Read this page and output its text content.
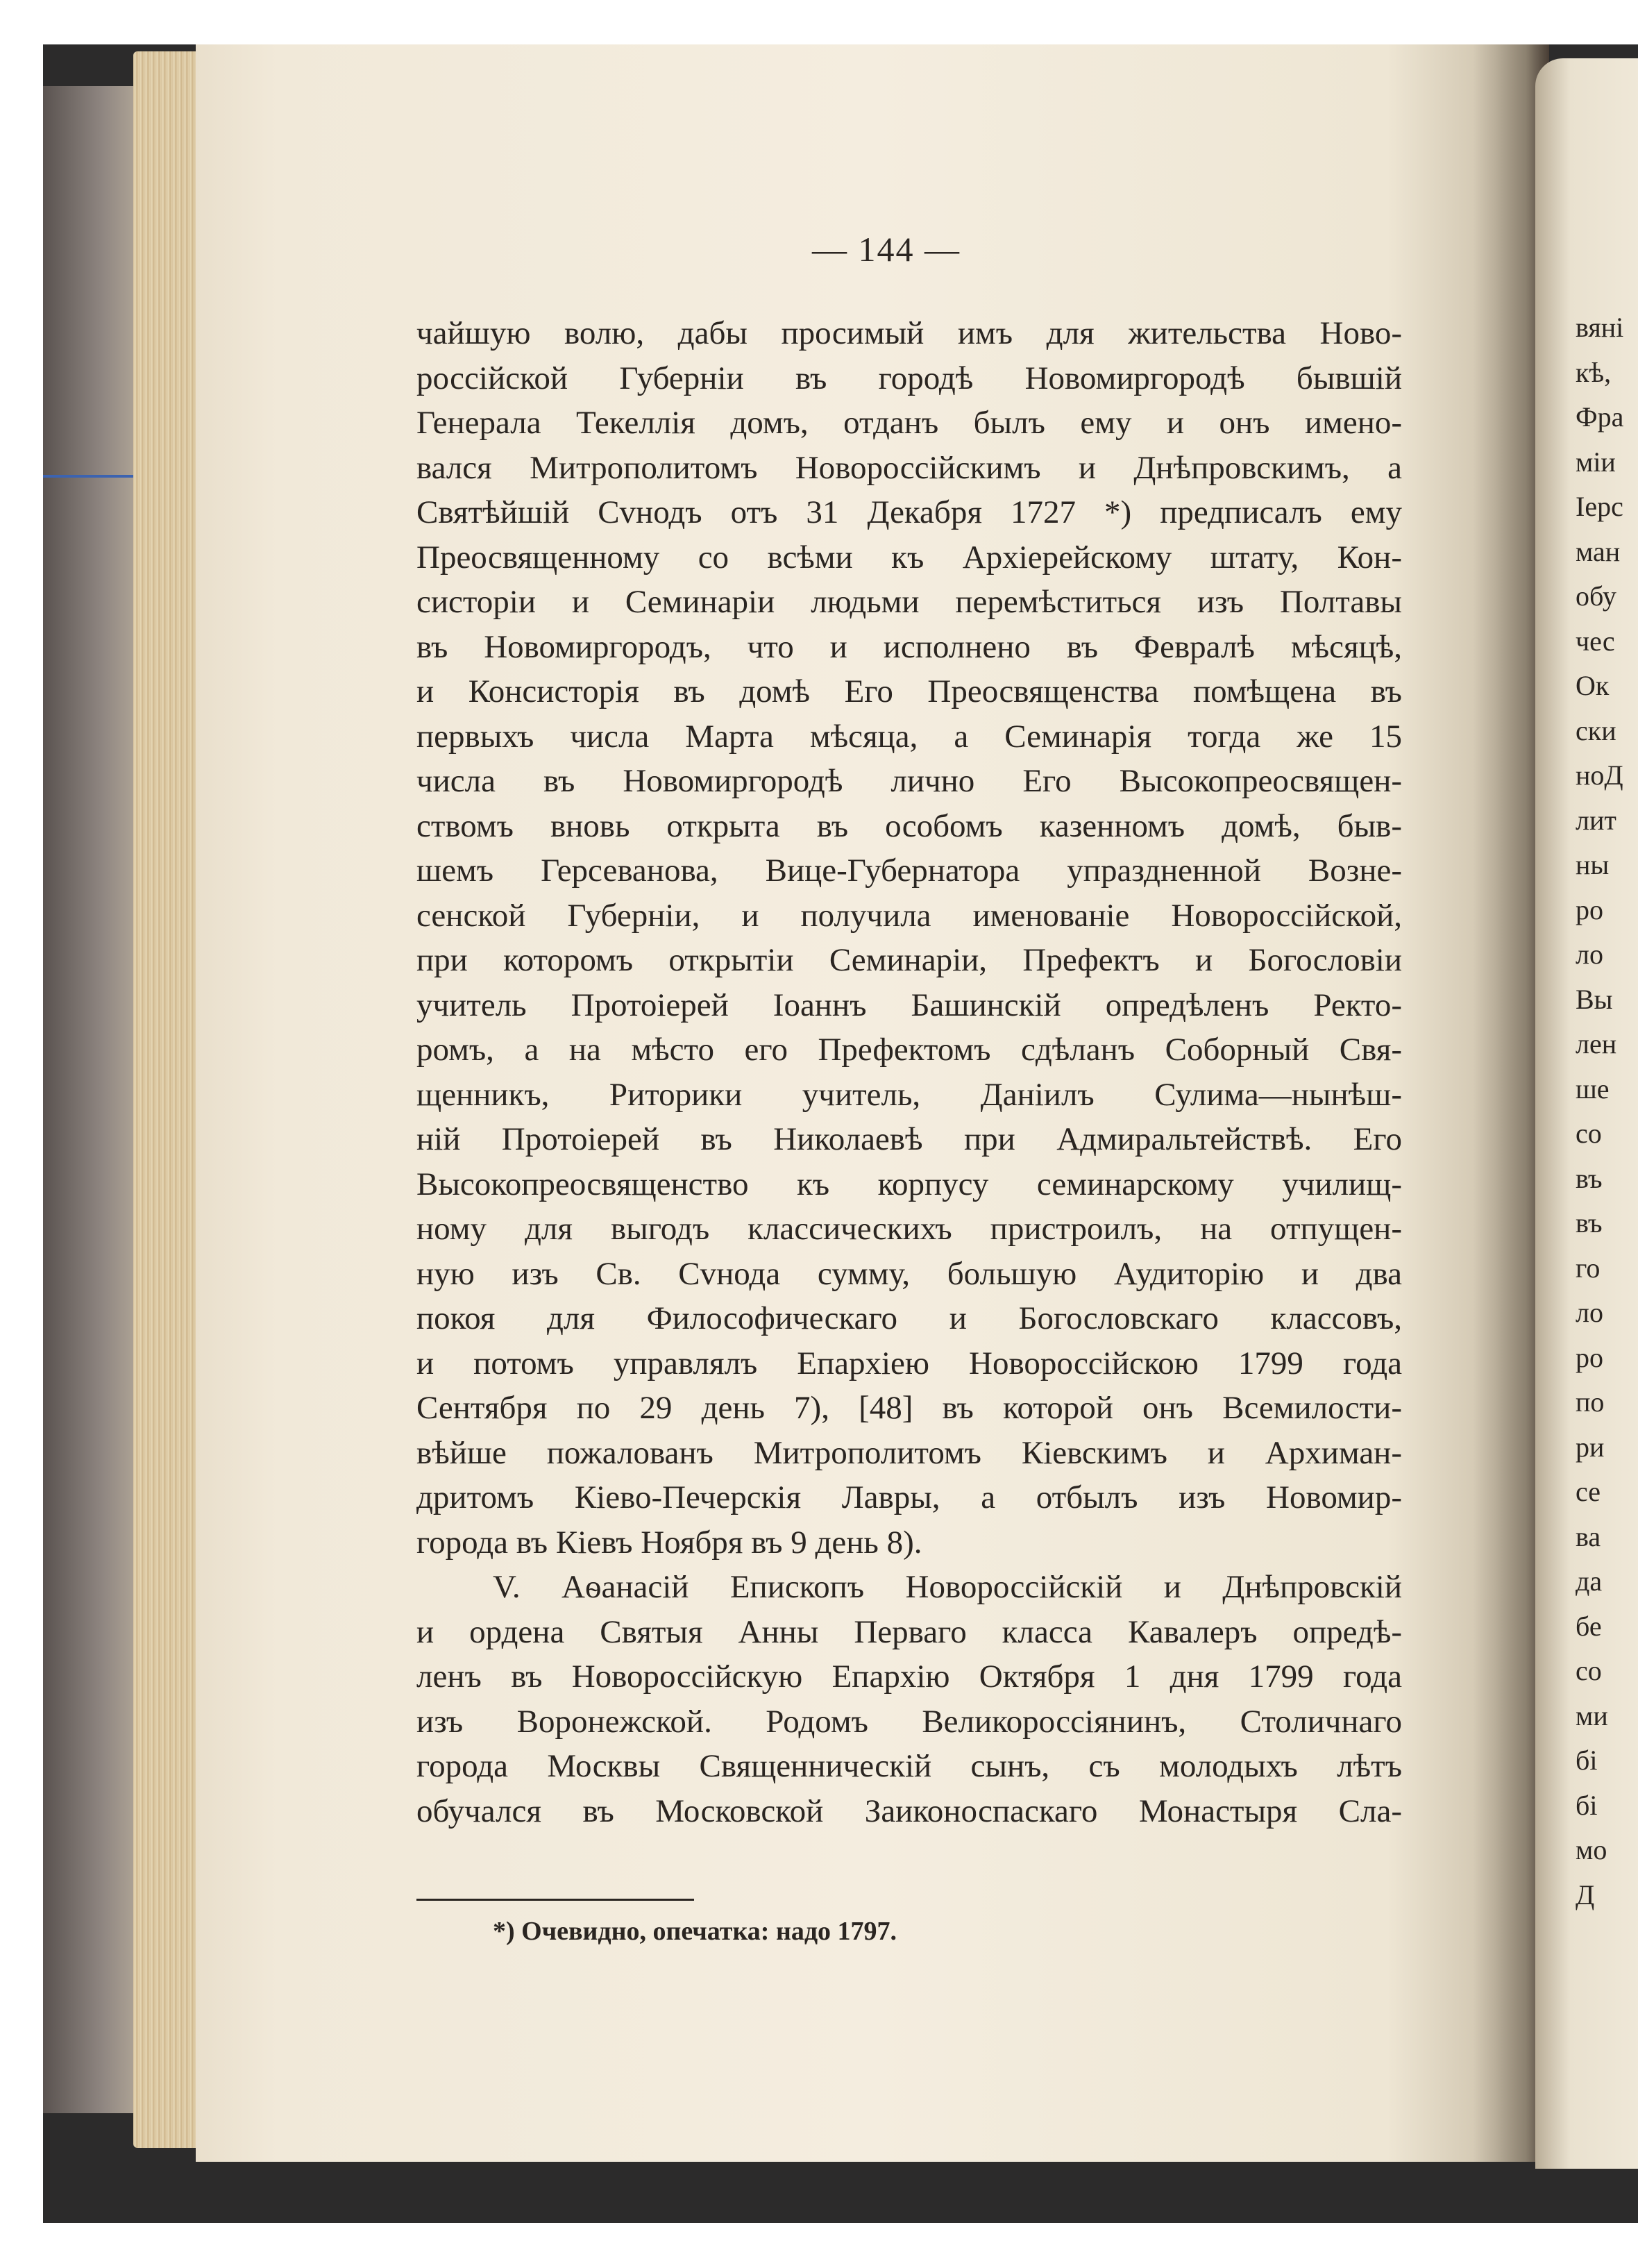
— 144 —
чайшую волю, дабы просимый имъ для жительства Ново-
россійской Губерніи въ городѣ Новомиргородѣ бывшій
Генерала Текеллія домъ, отданъ былъ ему и онъ имено-
вался Митрополитомъ Новороссійскимъ и Днѣпровскимъ, а
Святѣйшій Сvнодъ отъ 31 Декабря 1727 *) предписалъ ему
Преосвященному со всѣми къ Архіерейскому штату, Кон-
систоріи и Семинаріи людьми перемѣститься изъ Полтавы
въ Новомиргородъ, что и исполнено въ Февралѣ мѣсяцѣ,
и Консисторія въ домѣ Его Преосвященства помѣщена въ
первыхъ числа Марта мѣсяца, а Семинарія тогда же 15
числа въ Новомиргородѣ лично Его Высокопреосвящен-
ствомъ вновь открыта въ особомъ казенномъ домѣ, быв-
шемъ Герсеванова, Вице-Губернатора упраздненной Возне-
сенской Губерніи, и получила именованіе Новороссійской,
при которомъ открытіи Семинаріи, Префектъ и Богословіи
учитель Протоіерей Іоаннъ Башинскій опредѣленъ Ректо-
ромъ, а на мѣсто его Префектомъ сдѣланъ Соборный Свя-
щенникъ, Риторики учитель, Даніилъ Сулима—нынѣш-
ній Протоіерей въ Николаевѣ при Адмиральтействѣ. Его
Высокопреосвященство къ корпусу семинарскому училищ-
ному для выгодъ классическихъ пристроилъ, на отпущен-
ную изъ Св. Сvнода сумму, большую Аудиторію и два
покоя для Философическаго и Богословскаго классовъ,
и потомъ управлялъ Епархіею Новороссійскою 1799 года
Сентября по 29 день 7), [48] въ которой онъ Всемилости-
вѣйше пожалованъ Митрополитомъ Кіевскимъ и Архиман-
дритомъ Кіево-Печерскія Лавры, а отбылъ изъ Новомир-
города въ Кіевъ Ноября въ 9 день 8).
V. Аѳанасій Епископъ Новороссійскій и Днѣпровскій
и ордена Святыя Анны Перваго класса Кавалеръ опредѣ-
ленъ въ Новороссійскую Епархію Октября 1 дня 1799 года
изъ Воронежской. Родомъ Великороссіянинъ, Столичнаго
города Москвы Священническій сынъ, съ молодыхъ лѣтъ
обучался въ Московской Заиконоспаскаго Монастыря Сла-
*) Очевидно, опечатка: надо 1797.
вяні
кѣ,
Фра
міи
Іерс
ман
обу
чес
Ок
ски
ноД
лит
ны
ро
ло
Вы
лен
ше
со
въ
въ
го
ло
ро
по
ри
се
ва
да
бе
со
ми
бі
бі
мо
Д
